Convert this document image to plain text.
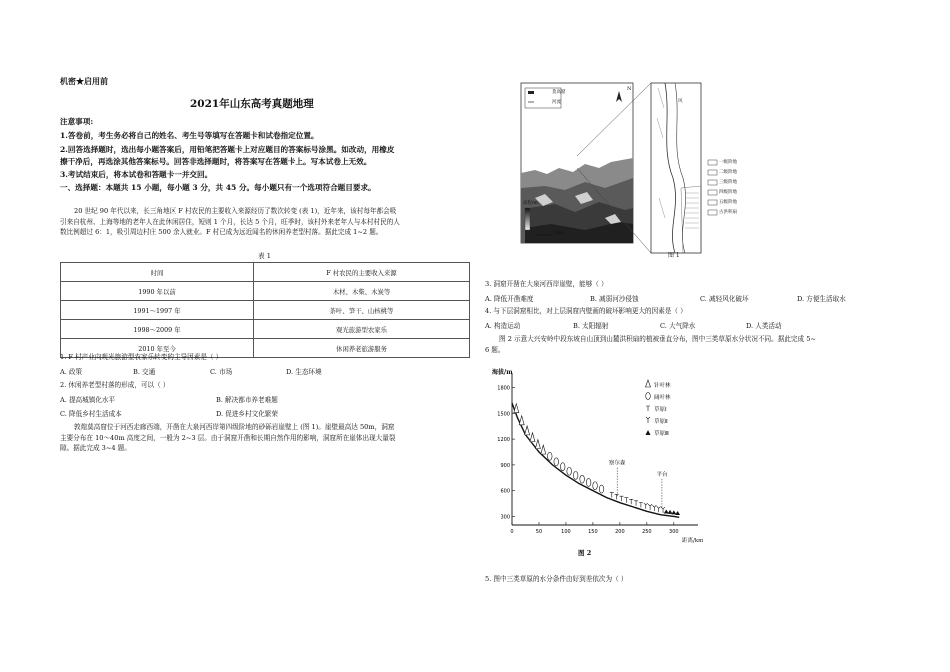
机密★启用前
2021年山东高考真题地理
注意事项:
1.答卷前，考生务必将自己的姓名、考生号等填写在答题卡和试卷指定位置。
2.回答选择题时，选出每小题答案后，用铅笔把答题卡上对应题目的答案标号涂黑。如改动，用橡皮
擦干净后，再选涂其他答案标号。回答非选择题时，将答案写在答题卡上。写本试卷上无效。
3.考试结束后，将本试卷和答题卡一并交回。
一、选择题：本题共 15 小题，每小题 3 分，共 45 分。每小题只有一个选项符合题目要求。
20 世纪 90 年代以来，长三角地区 F 村农民的主要收入来源经历了数次转变 (表 1)，近年来，该村每年都会吸
引来自杭州、上海等地的老年人在此休闲居住，短则 1 个月，长达 5 个月，旺季时，该村外来老年人与本村村民的人
数比例超过 6：1，吸引周边村庄 500 余人就业。F 村已成为远近闻名的休闲养老型村落。据此完成 1~2 题。
表 1
时间	F 村农民的主要收入来源
1990 年以前	木材、木柴、木炭等
1991～1997 年	茶叶、笋干、山核桃等
1998～2009 年	观光旅游型农家乐
2010 年至今	休闲养老旅游服务
1. F 村产业向观光旅游型农家乐转变的主导因素是（ ）
A. 政策	B. 交通	C. 市场	D. 生态环境
2. 休闲养老型村落的形成，可以（ ）
A. 提高城镇化水平	B. 解决都市养老难题
C. 降低乡村生活成本	D. 促进乡村文化繁荣
敦煌莫高窟位于河西走廊西端，开凿在大泉河西岸第四级阶地的砂砾岩崖壁上 (图 1)。崖壁最高达 50m，洞窟
主要分布在 10～40m 高度之间，一般为 2~3 层。由于洞窟开凿和长期自然作用的影响，洞窟所在崖体出现大量裂
隙。据此完成 3~4 题。
莫高窟
河流
N
高程/m
1km
风
一级阶地
二级阶地
三级阶地
四级阶地
五级阶地
古洪积扇
图 1
3. 洞窟开凿在大泉河西岸崖壁，能够（ ）
A. 降低开凿难度	B. 减弱河沙侵蚀	C. 减轻风化破坏	D. 方便生活取水
4. 与下层洞窟相比，对上层洞窟内壁画的破坏影响更大的因素是（ ）
A. 构造运动	B. 太阳辐射	C. 大气降水	D. 人类活动
图 2 示意大兴安岭中段东坡自山顶到山麓洪积扇的植被垂直分布，图中三类草原水分状况不同。据此完成 5~
6 题。
300
600
900
1200
1500
1800
0	50	100	150	200	250	300
针叶林
阔叶林
草原Ⅰ
草原Ⅱ
草原Ⅲ
察尔森
平台
海拔/m
距离/km
图 2
5. 图中三类草原的水分条件由好到差依次为（ ）
